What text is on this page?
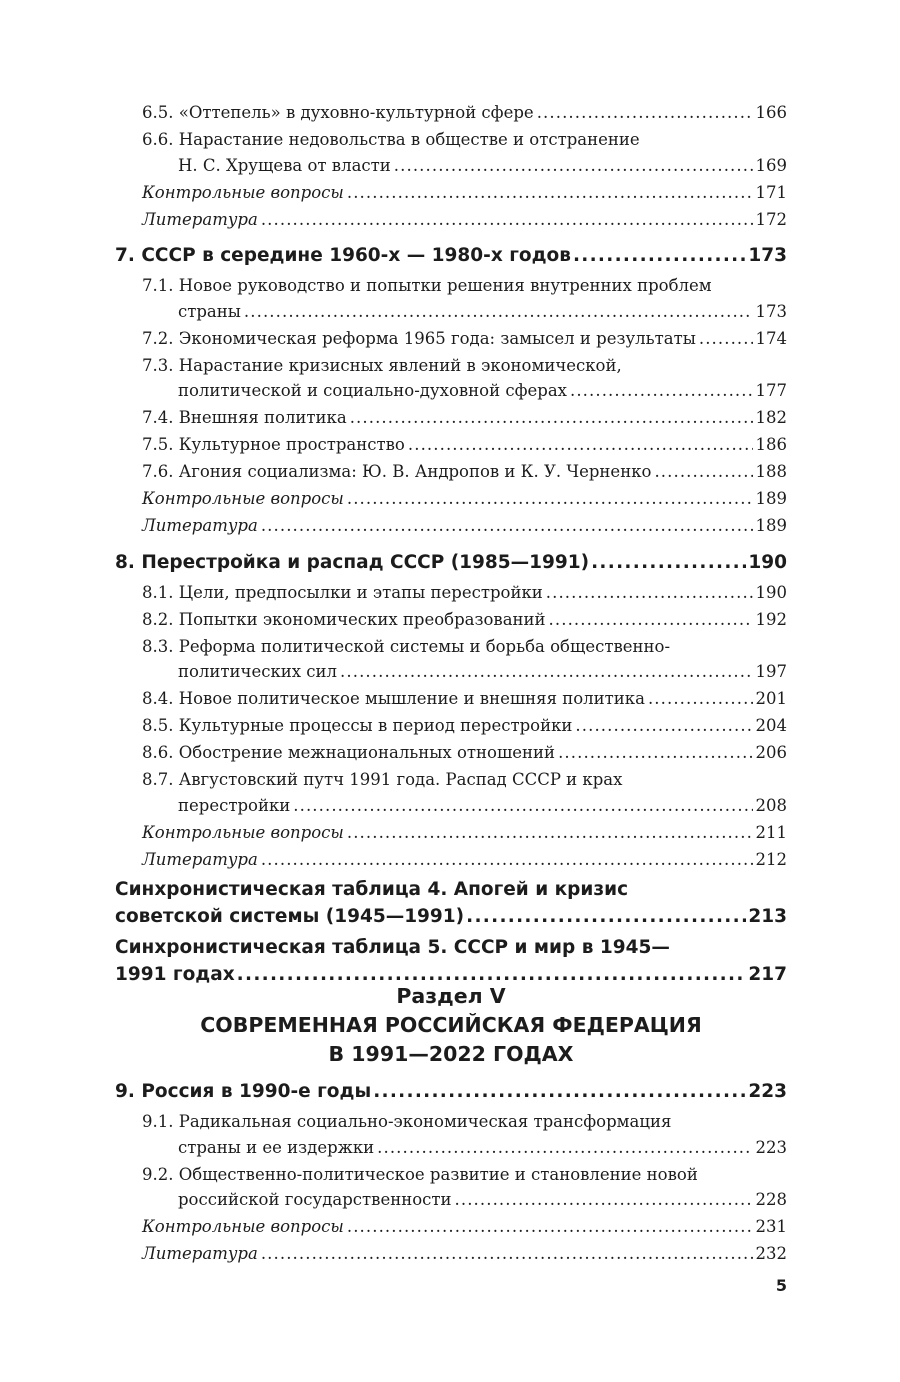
6.5. «Оттепель» в духовно-культурной сфере .....	166
6.6. Нарастание недовольства в обществе и отстранение
Н. С. Хрущева от власти .....	169
Контрольные вопросы .....	171
Литература .....	172
7. СССР в середине 1960-х — 1980-х годов .....	173
7.1. Новое руководство и попытки решения внутренних проблем
страны .....	173
7.2. Экономическая реформа 1965 года: замысел и результаты .....	174
7.3. Нарастание кризисных явлений в экономической,
политической и социально-духовной сферах .....	177
7.4. Внешняя политика .....	182
7.5. Культурное пространство .....	186
7.6. Агония социализма: Ю. В. Андропов и К. У. Черненко .....	188
Контрольные вопросы .....	189
Литература .....	189
8. Перестройка и распад СССР (1985—1991) .....	190
8.1. Цели, предпосылки и этапы перестройки .....	190
8.2. Попытки экономических преобразований .....	192
8.3. Реформа политической системы и борьба общественно-
политических сил .....	197
8.4. Новое политическое мышление и внешняя политика .....	201
8.5. Культурные процессы в период перестройки .....	204
8.6. Обострение межнациональных отношений .....	206
8.7. Августовский путч 1991 года. Распад СССР и крах
перестройки .....	208
Контрольные вопросы .....	211
Литература .....	212
Синхронистическая таблица 4. Апогей и кризис
советской системы (1945—1991) .....	213
Синхронистическая таблица 5. СССР и мир в 1945—
1991 годах .....	217
Раздел V
СОВРЕМЕННАЯ РОССИЙСКАЯ ФЕДЕРАЦИЯ
В 1991—2022 ГОДАХ
9. Россия в 1990-е годы .....	223
9.1. Радикальная социально-экономическая трансформация
страны и ее издержки .....	223
9.2. Общественно-политическое развитие и становление новой
российской государственности .....	228
Контрольные вопросы .....	231
Литература .....	232
5
